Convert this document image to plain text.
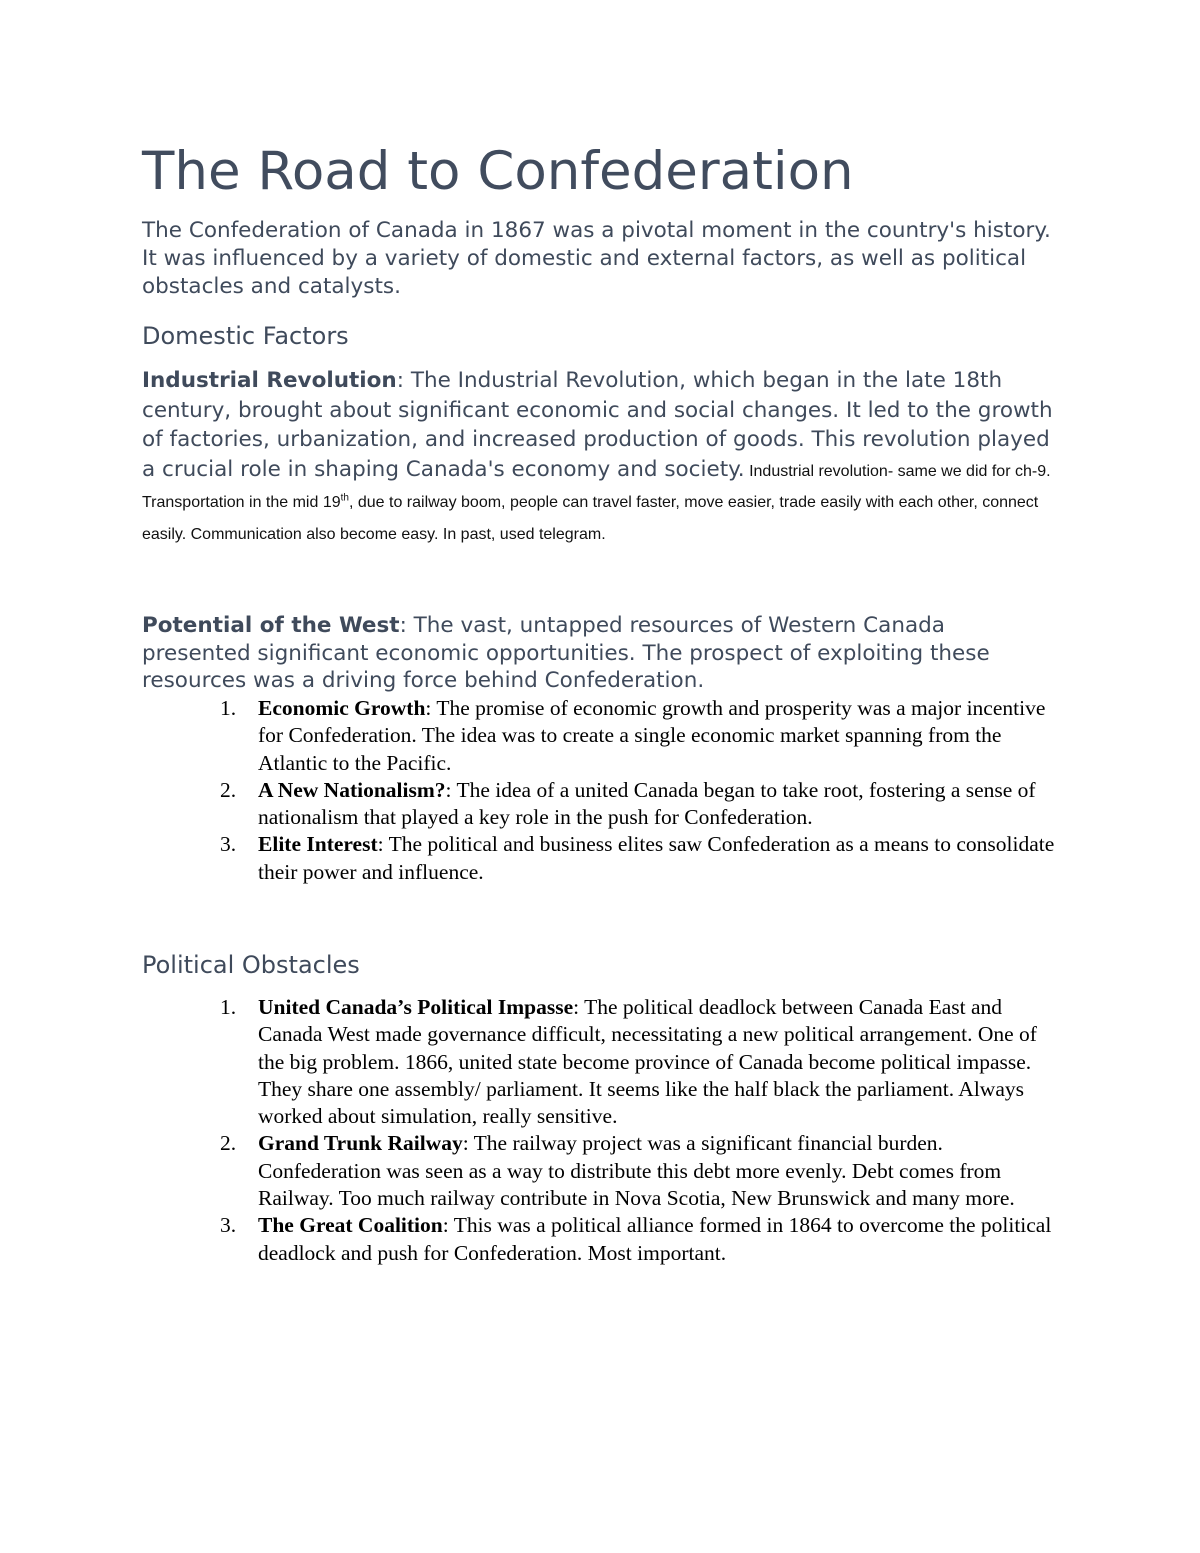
The Road to Confederation

The Confederation of Canada in 1867 was a pivotal moment in the country's history. It was influenced by a variety of domestic and external factors, as well as political obstacles and catalysts.

Domestic Factors

Industrial Revolution: The Industrial Revolution, which began in the late 18th century, brought about significant economic and social changes. It led to the growth of factories, urbanization, and increased production of goods. This revolution played a crucial role in shaping Canada's economy and society. Industrial revolution- same we did for ch-9. Transportation in the mid 19th, due to railway boom, people can travel faster, move easier, trade easily with each other, connect easily. Communication also become easy. In past, used telegram.

Potential of the West: The vast, untapped resources of Western Canada presented significant economic opportunities. The prospect of exploiting these resources was a driving force behind Confederation.

1. Economic Growth: The promise of economic growth and prosperity was a major incentive for Confederation. The idea was to create a single economic market spanning from the Atlantic to the Pacific.
2. A New Nationalism?: The idea of a united Canada began to take root, fostering a sense of nationalism that played a key role in the push for Confederation.
3. Elite Interest: The political and business elites saw Confederation as a means to consolidate their power and influence.
Political Obstacles
1. United Canada’s Political Impasse: The political deadlock between Canada East and Canada West made governance difficult, necessitating a new political arrangement. One of the big problem. 1866, united state become province of Canada become political impasse. They share one assembly/ parliament. It seems like the half black the parliament. Always worked about simulation, really sensitive.
2. Grand Trunk Railway: The railway project was a significant financial burden. Confederation was seen as a way to distribute this debt more evenly. Debt comes from Railway. Too much railway contribute in Nova Scotia, New Brunswick and many more.
3. The Great Coalition: This was a political alliance formed in 1864 to overcome the political deadlock and push for Confederation. Most important.
